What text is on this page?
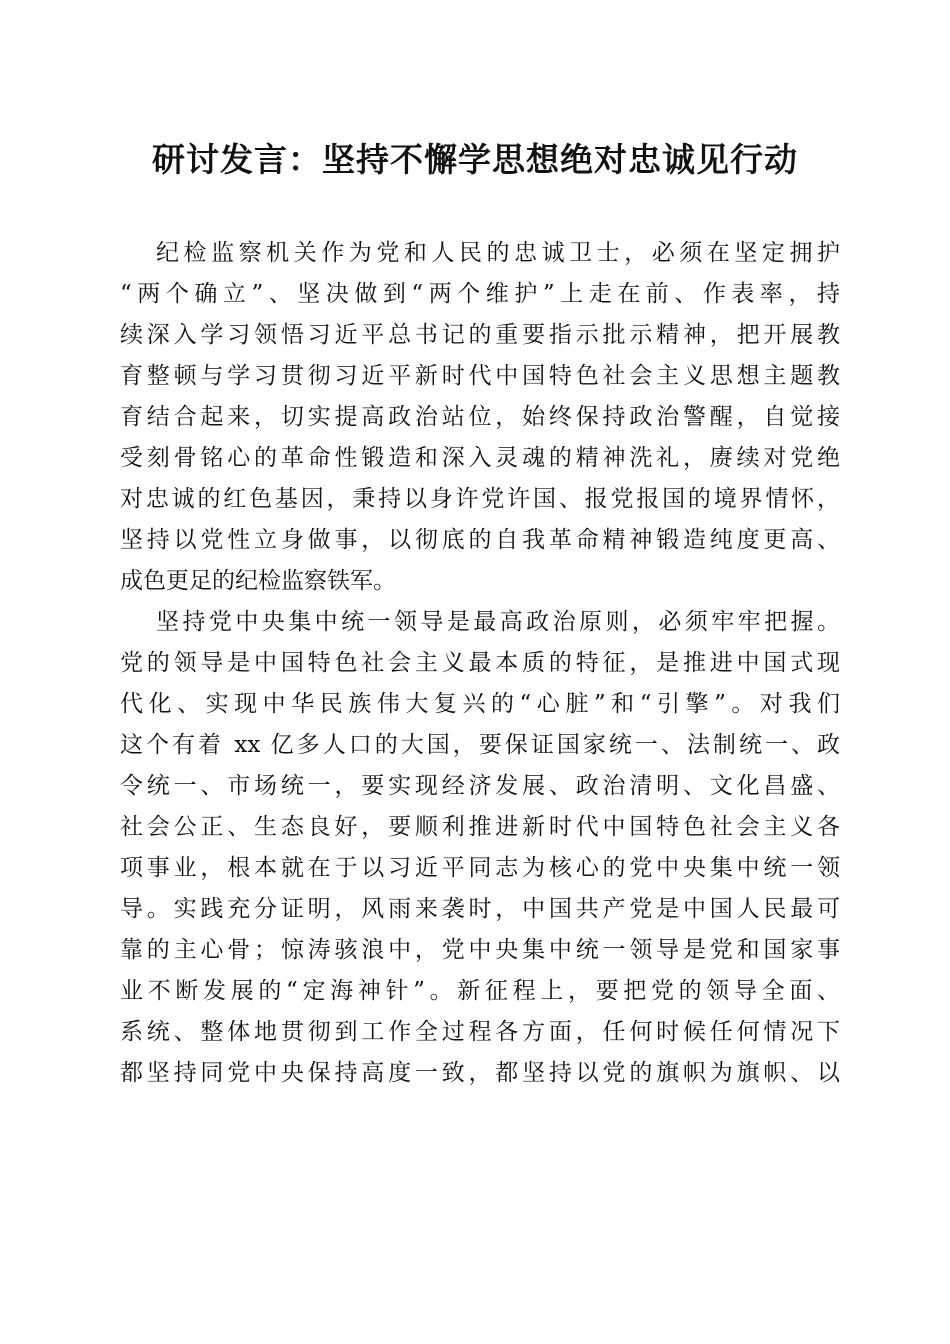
研讨发言：坚持不懈学思想绝对忠诚见行动
纪检监察机关作为党和人民的忠诚卫士，必须在坚定拥护
“两个确立”、坚决做到“两个维护”上走在前、作表率，持
续深入学习领悟习近平总书记的重要指示批示精神，把开展教
育整顿与学习贯彻习近平新时代中国特色社会主义思想主题教
育结合起来，切实提高政治站位，始终保持政治警醒，自觉接
受刻骨铭心的革命性锻造和深入灵魂的精神洗礼，赓续对党绝
对忠诚的红色基因，秉持以身许党许国、报党报国的境界情怀，
坚持以党性立身做事，以彻底的自我革命精神锻造纯度更高、
成色更足的纪检监察铁军。
坚持党中央集中统一领导是最高政治原则，必须牢牢把握。
党的领导是中国特色社会主义最本质的特征，是推进中国式现
代化、实现中华民族伟大复兴的“心脏”和“引擎”。对我们
这个有着 xx 亿多人口的大国，要保证国家统一、法制统一、政
令统一、市场统一，要实现经济发展、政治清明、文化昌盛、
社会公正、生态良好，要顺利推进新时代中国特色社会主义各
项事业，根本就在于以习近平同志为核心的党中央集中统一领
导。实践充分证明，风雨来袭时，中国共产党是中国人民最可
靠的主心骨；惊涛骇浪中，党中央集中统一领导是党和国家事
业不断发展的“定海神针”。新征程上，要把党的领导全面、
系统、整体地贯彻到工作全过程各方面，任何时候任何情况下
都坚持同党中央保持高度一致，都坚持以党的旗帜为旗帜、以
